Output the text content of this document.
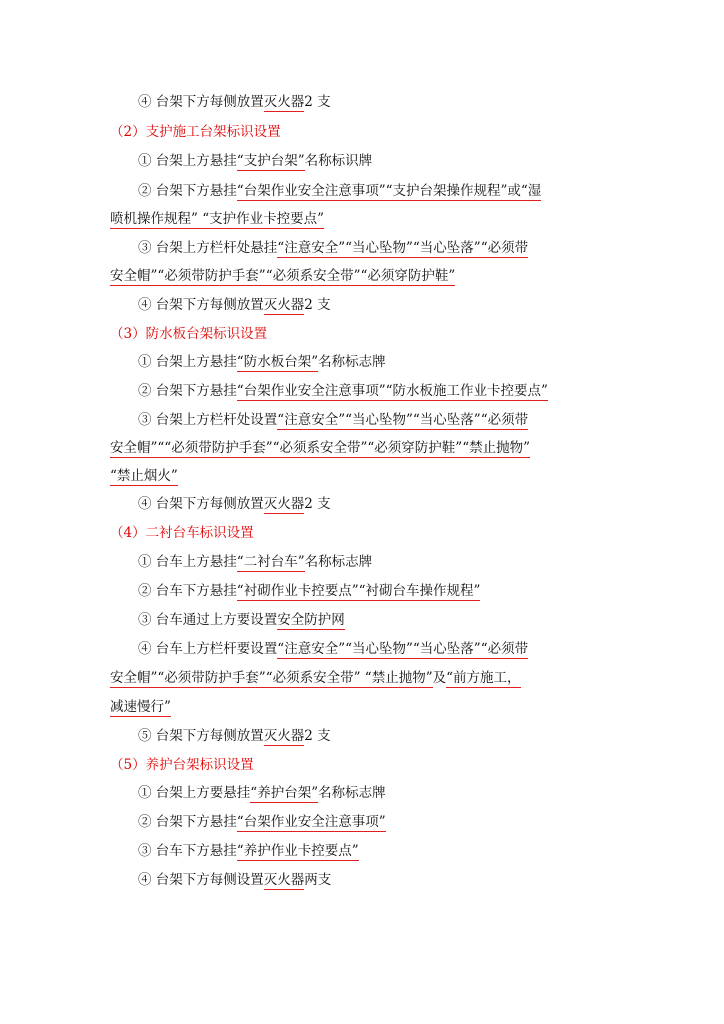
④ 台架下方每侧放置灭火器2 支
（2）支护施工台架标识设置
① 台架上方悬挂“支护台架”名称标识牌
② 台架下方悬挂“台架作业安全注意事项”“支护台架操作规程”或“湿
喷机操作规程” “支护作业卡控要点”
③ 台架上方栏杆处悬挂“注意安全”“当心坠物”“当心坠落”“必须带
安全帽”“必须带防护手套”“必须系安全带”“必须穿防护鞋”
④ 台架下方每侧放置灭火器2 支
（3）防水板台架标识设置
① 台架上方悬挂“防水板台架”名称标志牌
② 台架下方悬挂“台架作业安全注意事项”“防水板施工作业卡控要点”
③ 台架上方栏杆处设置“注意安全”“当心坠物”“当心坠落”“必须带
安全帽”““必须带防护手套”“必须系安全带”“必须穿防护鞋”“禁止抛物”
“禁止烟火”
④ 台架下方每侧放置灭火器2 支
（4）二衬台车标识设置
① 台车上方悬挂“二衬台车”名称标志牌
② 台车下方悬挂“衬砌作业卡控要点”“衬砌台车操作规程”
③ 台车通过上方要设置安全防护网
④ 台车上方栏杆要设置“注意安全”“当心坠物”“当心坠落”“必须带
安全帽”“必须带防护手套”“必须系安全带” “禁止抛物”及“前方施工，
减速慢行”
⑤ 台架下方每侧放置灭火器2 支
（5）养护台架标识设置
① 台架上方要悬挂“养护台架”名称标志牌
② 台架下方悬挂“台架作业安全注意事项”
③ 台车下方悬挂“养护作业卡控要点”
④ 台架下方每侧设置灭火器两支
